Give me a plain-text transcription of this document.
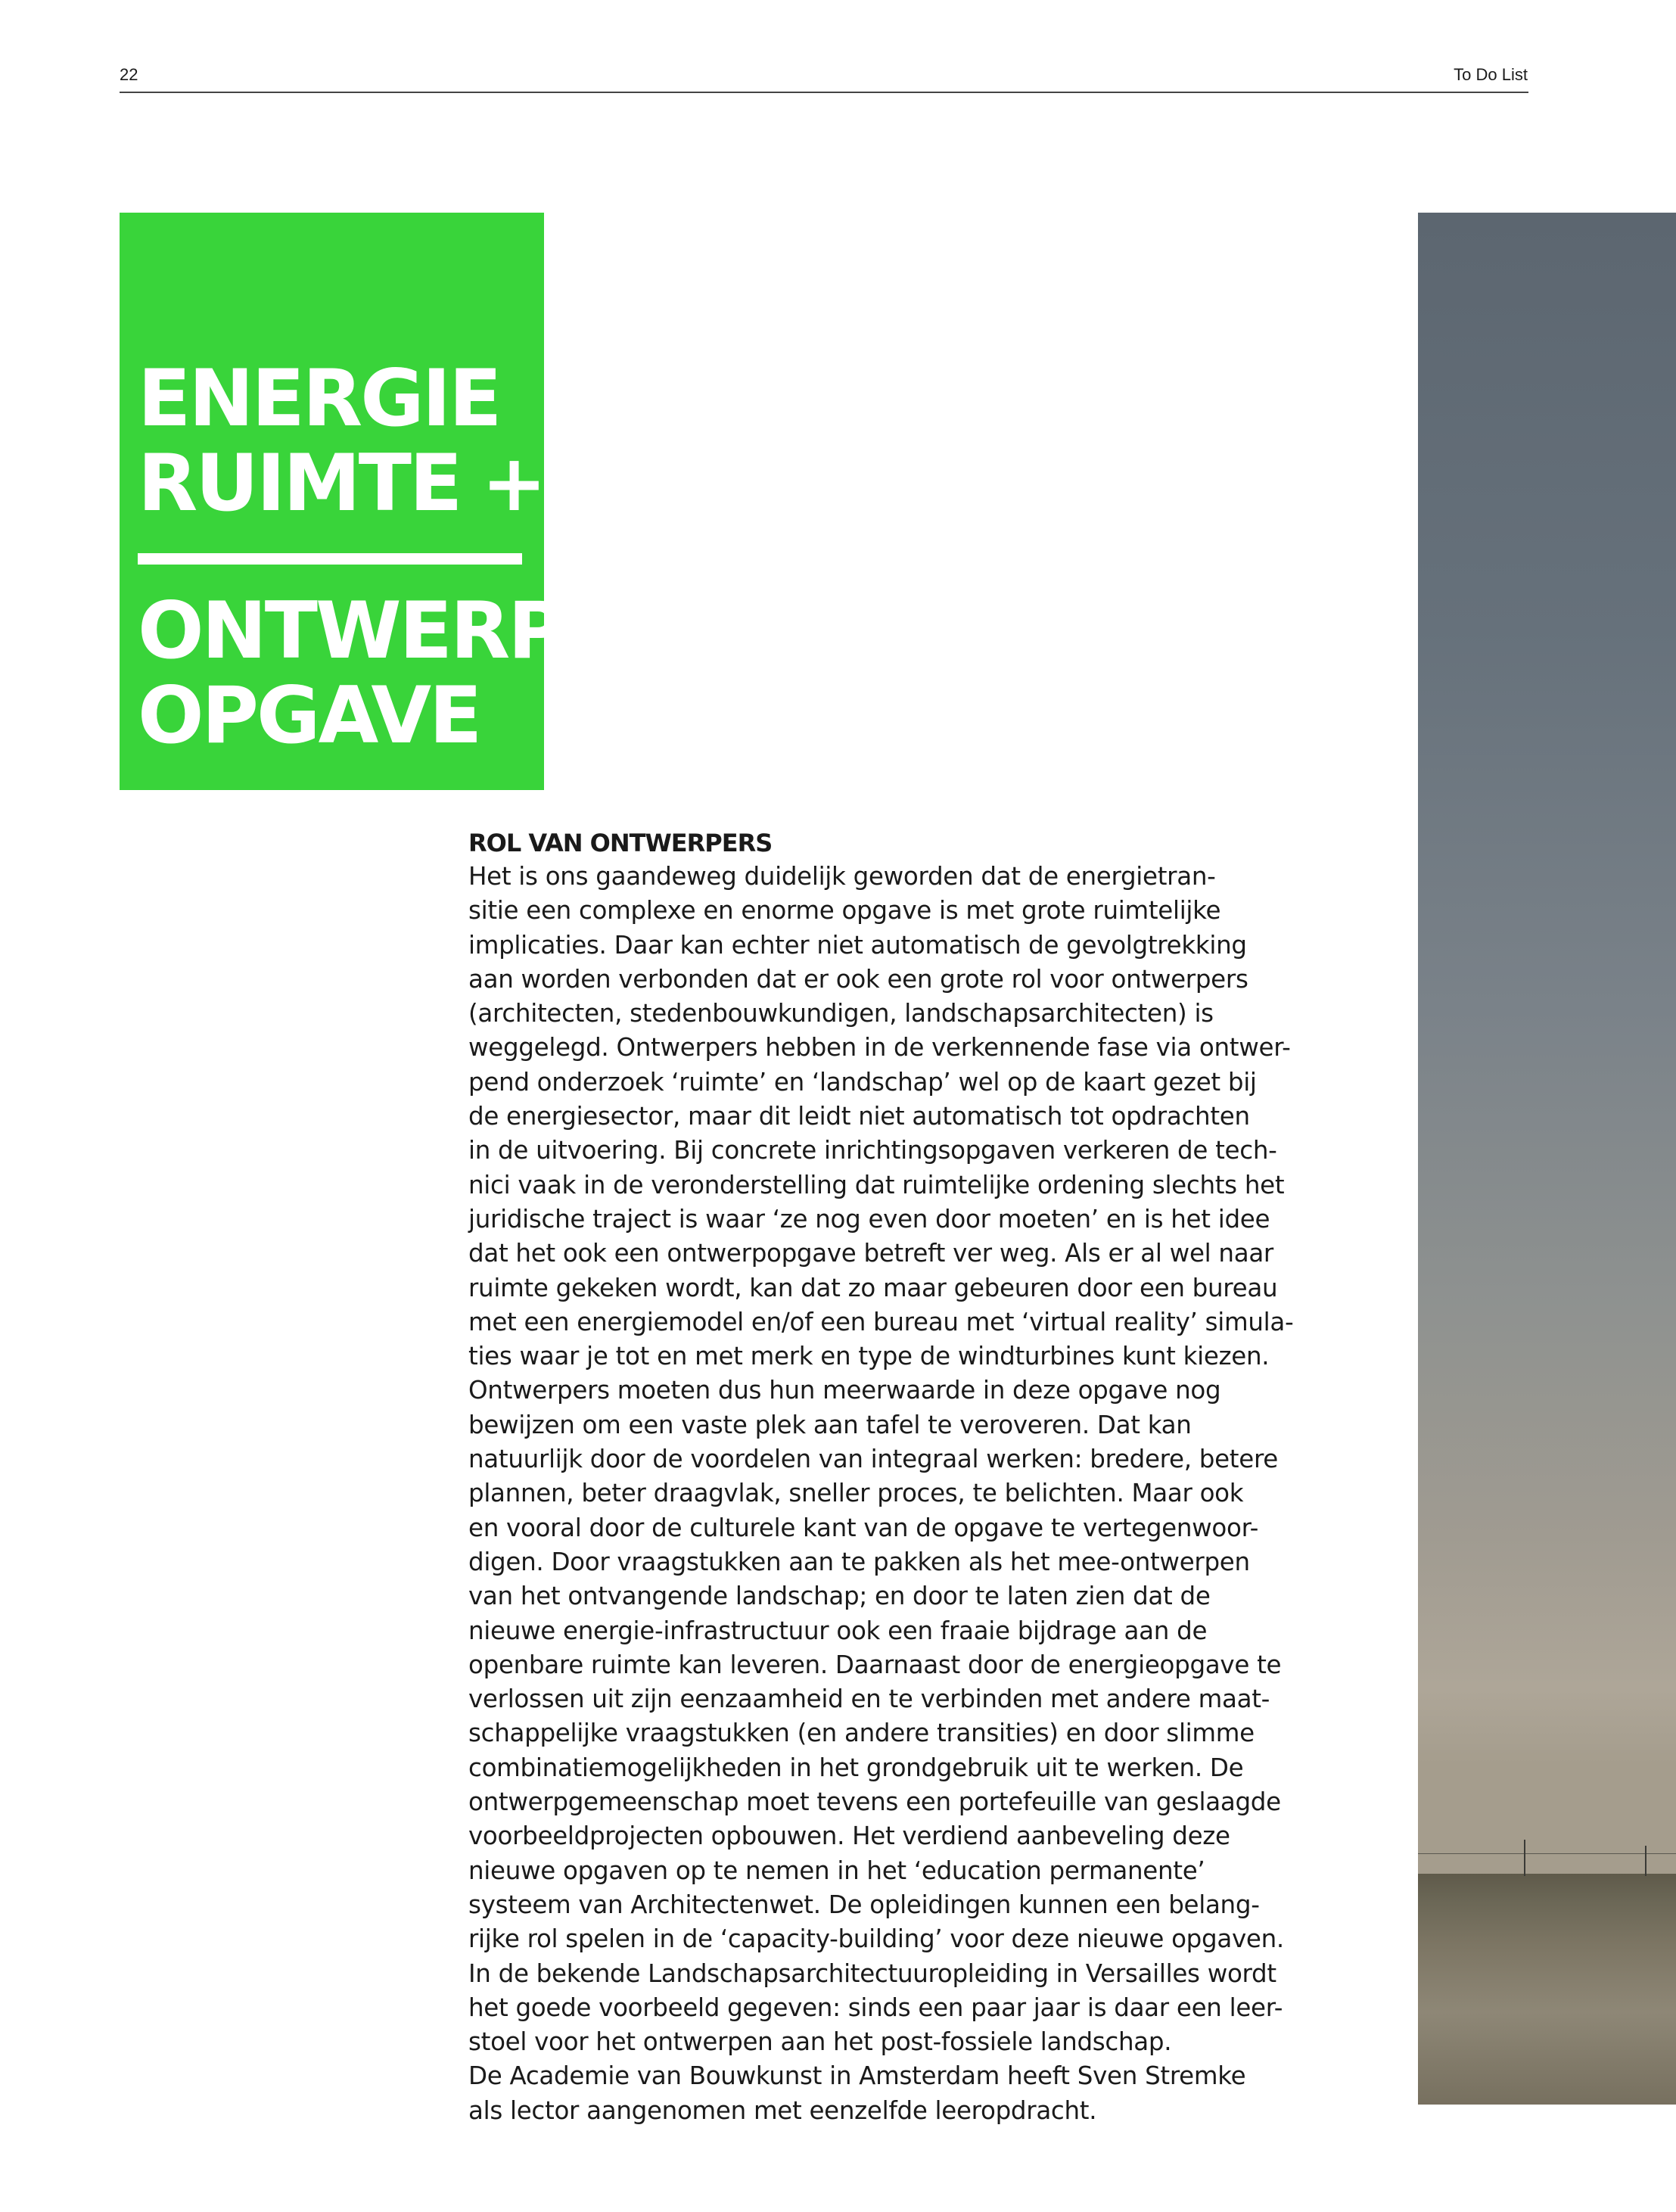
22	To Do List
ENERGIE
RUIMTE +
ONTWERP
OPGAVE
ROL VAN ONTWERPERS
Het is ons gaandeweg duidelijk geworden dat de energietran-
sitie een complexe en enorme opgave is met grote ruimtelijke
implicaties. Daar kan echter niet automatisch de gevolgtrekking
aan worden verbonden dat er ook een grote rol voor ontwerpers
(architecten, stedenbouwkundigen, landschapsarchitecten) is
weggelegd. Ontwerpers hebben in de verkennende fase via ontwer-
pend onderzoek ‘ruimte’ en ‘landschap’ wel op de kaart gezet bij
de energiesector, maar dit leidt niet automatisch tot opdrachten
in de uitvoering. Bij concrete inrichtingsopgaven verkeren de tech-
nici vaak in de veronderstelling dat ruimtelijke ordening slechts het
juridische traject is waar ‘ze nog even door moeten’ en is het idee
dat het ook een ontwerpopgave betreft ver weg. Als er al wel naar
ruimte gekeken wordt, kan dat zo maar gebeuren door een bureau
met een energiemodel en/of een bureau met ‘virtual reality’ simula-
ties waar je tot en met merk en type de windturbines kunt kiezen.
Ontwerpers moeten dus hun meerwaarde in deze opgave nog
bewijzen om een vaste plek aan tafel te veroveren. Dat kan
natuurlijk door de voordelen van integraal werken: bredere, betere
plannen, beter draagvlak, sneller proces, te belichten. Maar ook
en vooral door de culturele kant van de opgave te vertegenwoor-
digen. Door vraagstukken aan te pakken als het mee-ontwerpen
van het ontvangende landschap; en door te laten zien dat de
nieuwe energie-infrastructuur ook een fraaie bijdrage aan de
openbare ruimte kan leveren. Daarnaast door de energieopgave te
verlossen uit zijn eenzaamheid en te verbinden met andere maat-
schappelijke vraagstukken (en andere transities) en door slimme
combinatiemogelijkheden in het grondgebruik uit te werken. De
ontwerpgemeenschap moet tevens een portefeuille van geslaagde
voorbeeldprojecten opbouwen. Het verdiend aanbeveling deze
nieuwe opgaven op te nemen in het ‘education permanente’
systeem van Architectenwet. De opleidingen kunnen een belang-
rijke rol spelen in de ‘capacity-building’ voor deze nieuwe opgaven.
In de bekende Landschapsarchitectuuropleiding in Versailles wordt
het goede voorbeeld gegeven: sinds een paar jaar is daar een leer-
stoel voor het ontwerpen aan het post-fossiele landschap.
De Academie van Bouwkunst in Amsterdam heeft Sven Stremke
als lector aangenomen met eenzelfde leeropdracht.
